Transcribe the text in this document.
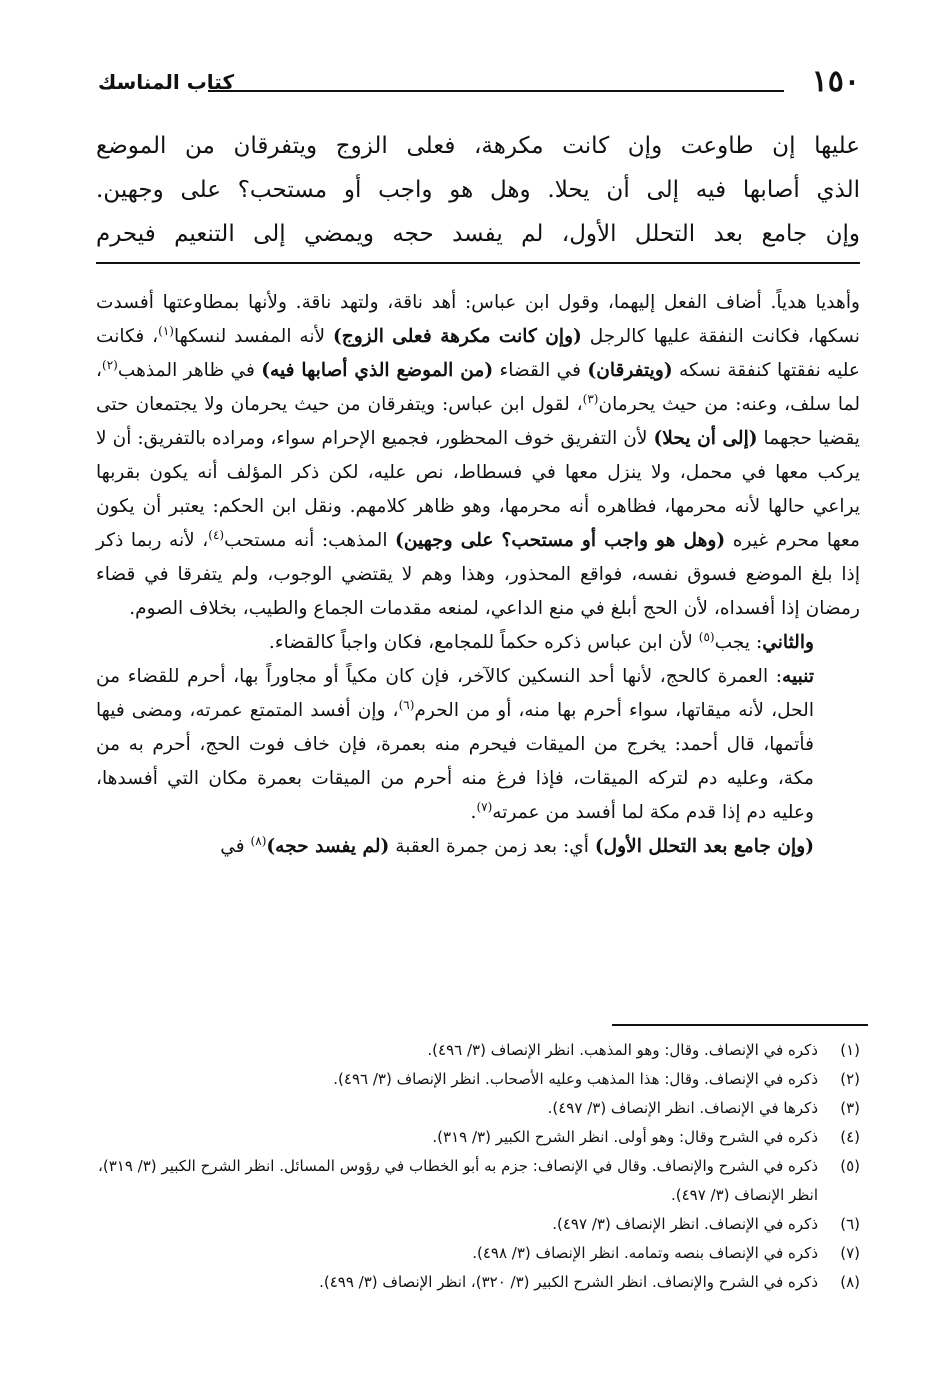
١٥٠
كتاب المناسك

عليها إن طاوعت وإن كانت مكرهة، فعلى الزوج ويتفرقان من الموضع

الذي أصابها فيه إلى أن يحلا. وهل هو واجب أو مستحب؟ على وجهين.

وإن جامع بعد التحلل الأول، لم يفسد حجه ويمضي إلى التنعيم فيحرم

وأهديا هدياً. أضاف الفعل إليهما، وقول ابن عباس: أهد ناقة، ولتهد ناقة. ولأنها بمطاوعتها أفسدت نسكها، فكانت النفقة عليها كالرجل (وإن كانت مكرهة فعلى الزوج) لأنه المفسد لنسكها$^{(١)}$، فكانت عليه نفقتها كنفقة نسكه (ويتفرقان) في القضاء (من الموضع الذي أصابها فيه) في ظاهر المذهب$^{(٢)}$، لما سلف، وعنه: من حيث يحرمان$^{(٣)}$، لقول ابن عباس: ويتفرقان من حيث يحرمان ولا يجتمعان حتى يقضيا حجهما (إلى أن يحلا) لأن التفريق خوف المحظور، فجميع الإحرام سواء، ومراده بالتفريق: أن لا يركب معها في محمل، ولا ينزل معها في فسطاط، نص عليه، لكن ذكر المؤلف أنه يكون بقربها يراعي حالها لأنه محرمها، فظاهره أنه محرمها، وهو ظاهر كلامهم. ونقل ابن الحكم: يعتبر أن يكون معها محرم غيره (وهل هو واجب أو مستحب؟ على وجهين) المذهب: أنه مستحب$^{(٤)}$، لأنه ربما ذكر إذا بلغ الموضع فسوق نفسه، فواقع المحذور، وهذا وهم لا يقتضي الوجوب، ولم يتفرقا في قضاء رمضان إذا أفسداه، لأن الحج أبلغ في منع الداعي، لمنعه مقدمات الجماع والطيب، بخلاف الصوم.

والثاني: يجب$^{(٥)}$ لأن ابن عباس ذكره حكماً للمجامع، فكان واجباً كالقضاء.

تنبيه: العمرة كالحج، لأنها أحد النسكين كالآخر، فإن كان مكياً أو مجاوراً بها، أحرم للقضاء من الحل، لأنه ميقاتها، سواء أحرم بها منه، أو من الحرم$^{(٦)}$، وإن أفسد المتمتع عمرته، ومضى فيها فأتمها، قال أحمد: يخرج من الميقات فيحرم منه بعمرة، فإن خاف فوت الحج، أحرم به من مكة، وعليه دم لتركه الميقات، فإذا فرغ منه أحرم من الميقات بعمرة مكان التي أفسدها، وعليه دم إذا قدم مكة لما أفسد من عمرته$^{(٧)}$.

(وإن جامع بعد التحلل الأول) أي: بعد زمن جمرة العقبة (لم يفسد حجه)$^{(٨)}$ في

(١)
ذكره في الإنصاف. وقال: وهو المذهب. انظر الإنصاف (٣/ ٤٩٦).
(٢)
ذكره في الإنصاف. وقال: هذا المذهب وعليه الأصحاب. انظر الإنصاف (٣/ ٤٩٦).
(٣)
ذكرها في الإنصاف. انظر الإنصاف (٣/ ٤٩٧).
(٤)
ذكره في الشرح وقال: وهو أولى. انظر الشرح الكبير (٣/ ٣١٩).
(٥)
ذكره في الشرح والإنصاف. وقال في الإنصاف: جزم به أبو الخطاب في رؤوس المسائل. انظر الشرح الكبير (٣/ ٣١٩)، انظر الإنصاف (٣/ ٤٩٧).
(٦)
ذكره في الإنصاف. انظر الإنصاف (٣/ ٤٩٧).
(٧)
ذكره في الإنصاف بنصه وتمامه. انظر الإنصاف (٣/ ٤٩٨).
(٨)
ذكره في الشرح والإنصاف. انظر الشرح الكبير (٣/ ٣٢٠)، انظر الإنصاف (٣/ ٤٩٩).
